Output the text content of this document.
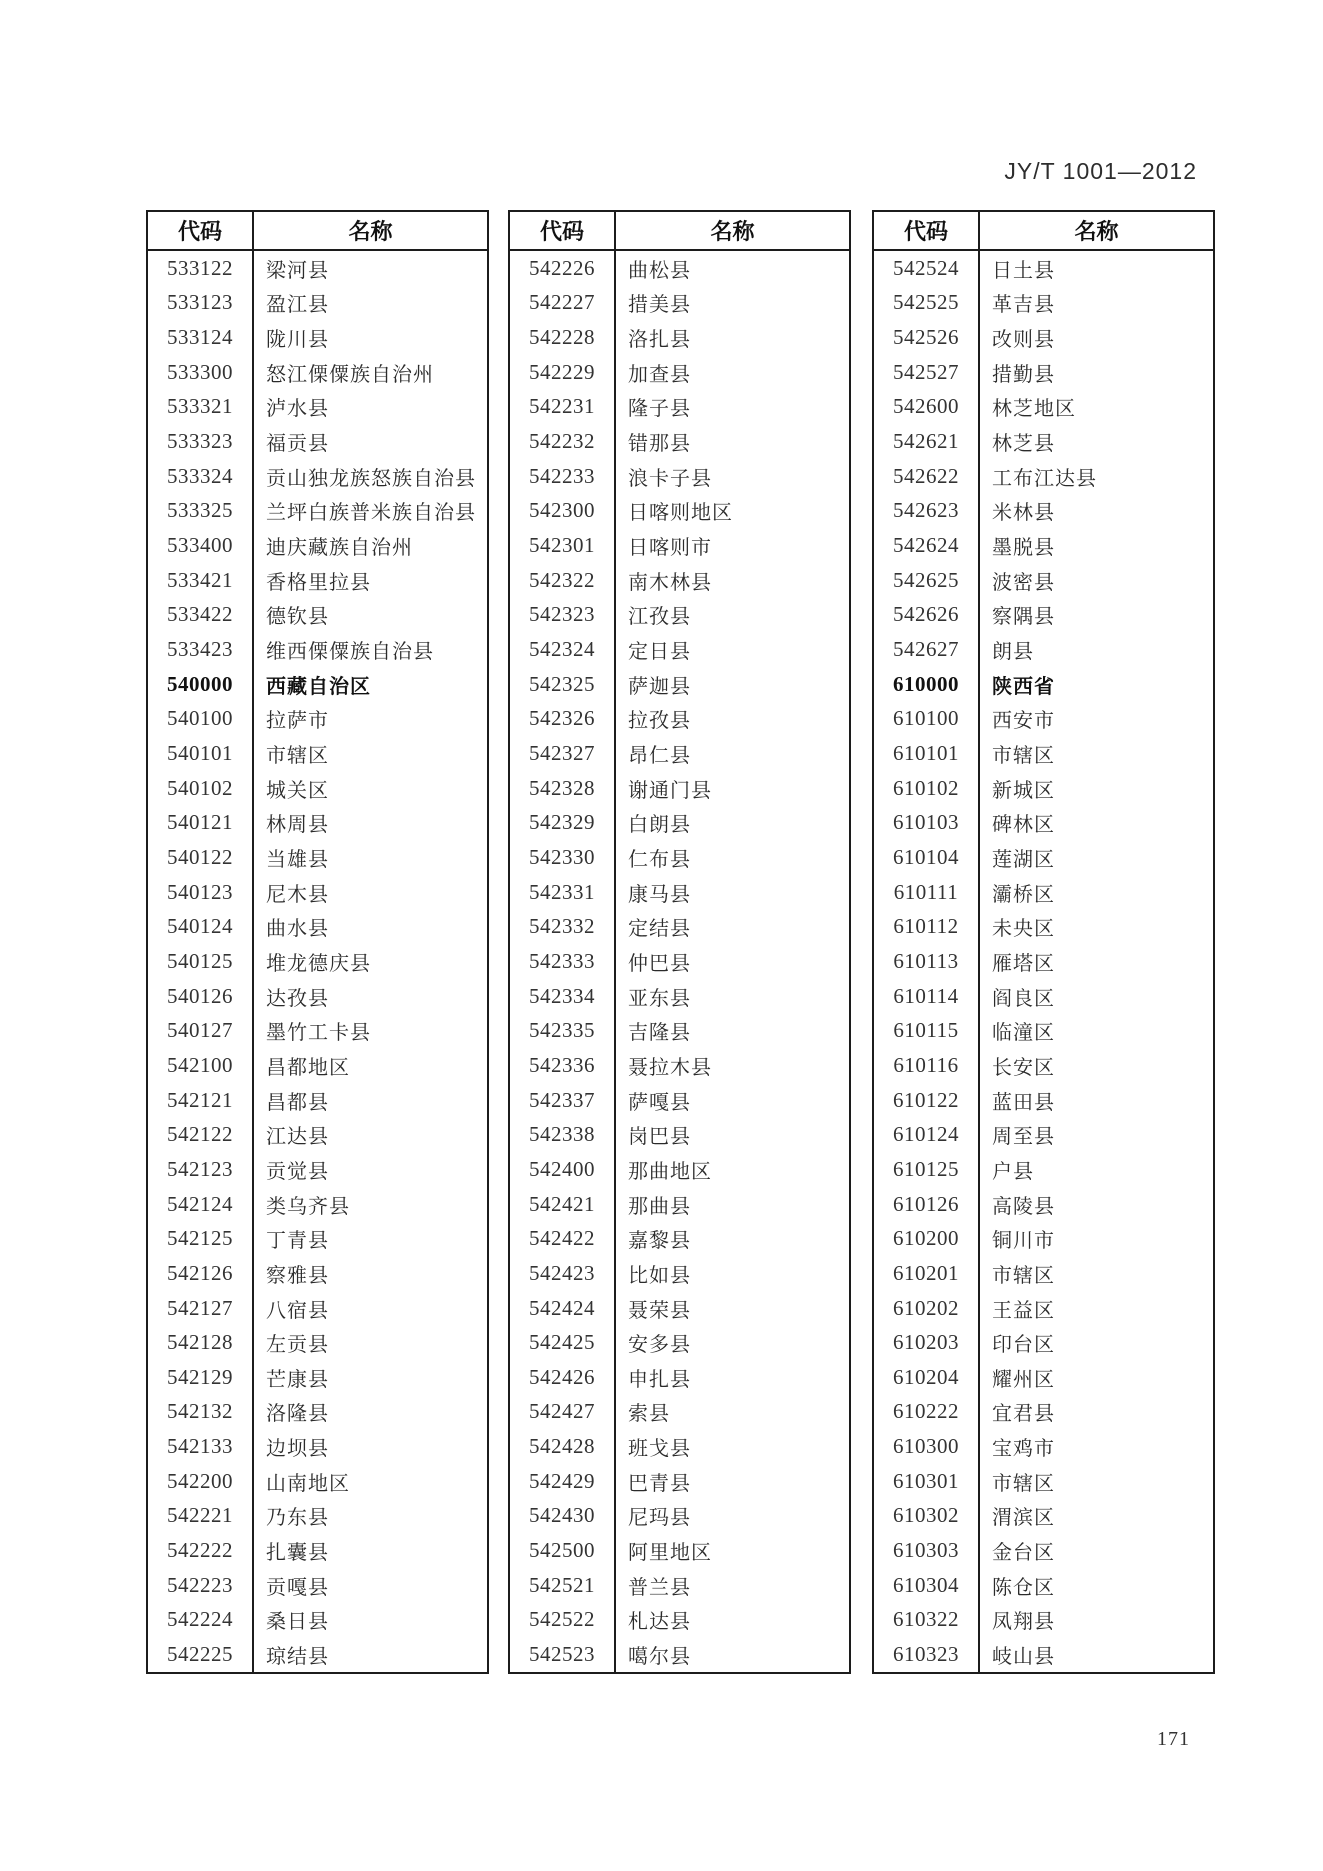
JY/T 1001—2012
代码	名称
533122	梁河县
533123	盈江县
533124	陇川县
533300	怒江傈僳族自治州
533321	泸水县
533323	福贡县
533324	贡山独龙族怒族自治县
533325	兰坪白族普米族自治县
533400	迪庆藏族自治州
533421	香格里拉县
533422	德钦县
533423	维西傈僳族自治县
540000	西藏自治区
540100	拉萨市
540101	市辖区
540102	城关区
540121	林周县
540122	当雄县
540123	尼木县
540124	曲水县
540125	堆龙德庆县
540126	达孜县
540127	墨竹工卡县
542100	昌都地区
542121	昌都县
542122	江达县
542123	贡觉县
542124	类乌齐县
542125	丁青县
542126	察雅县
542127	八宿县
542128	左贡县
542129	芒康县
542132	洛隆县
542133	边坝县
542200	山南地区
542221	乃东县
542222	扎囊县
542223	贡嘎县
542224	桑日县
542225	琼结县
代码	名称
542226	曲松县
542227	措美县
542228	洛扎县
542229	加查县
542231	隆子县
542232	错那县
542233	浪卡子县
542300	日喀则地区
542301	日喀则市
542322	南木林县
542323	江孜县
542324	定日县
542325	萨迦县
542326	拉孜县
542327	昂仁县
542328	谢通门县
542329	白朗县
542330	仁布县
542331	康马县
542332	定结县
542333	仲巴县
542334	亚东县
542335	吉隆县
542336	聂拉木县
542337	萨嘎县
542338	岗巴县
542400	那曲地区
542421	那曲县
542422	嘉黎县
542423	比如县
542424	聂荣县
542425	安多县
542426	申扎县
542427	索县
542428	班戈县
542429	巴青县
542430	尼玛县
542500	阿里地区
542521	普兰县
542522	札达县
542523	噶尔县
代码	名称
542524	日土县
542525	革吉县
542526	改则县
542527	措勤县
542600	林芝地区
542621	林芝县
542622	工布江达县
542623	米林县
542624	墨脱县
542625	波密县
542626	察隅县
542627	朗县
610000	陕西省
610100	西安市
610101	市辖区
610102	新城区
610103	碑林区
610104	莲湖区
610111	灞桥区
610112	未央区
610113	雁塔区
610114	阎良区
610115	临潼区
610116	长安区
610122	蓝田县
610124	周至县
610125	户县
610126	高陵县
610200	铜川市
610201	市辖区
610202	王益区
610203	印台区
610204	耀州区
610222	宜君县
610300	宝鸡市
610301	市辖区
610302	渭滨区
610303	金台区
610304	陈仓区
610322	凤翔县
610323	岐山县
171
